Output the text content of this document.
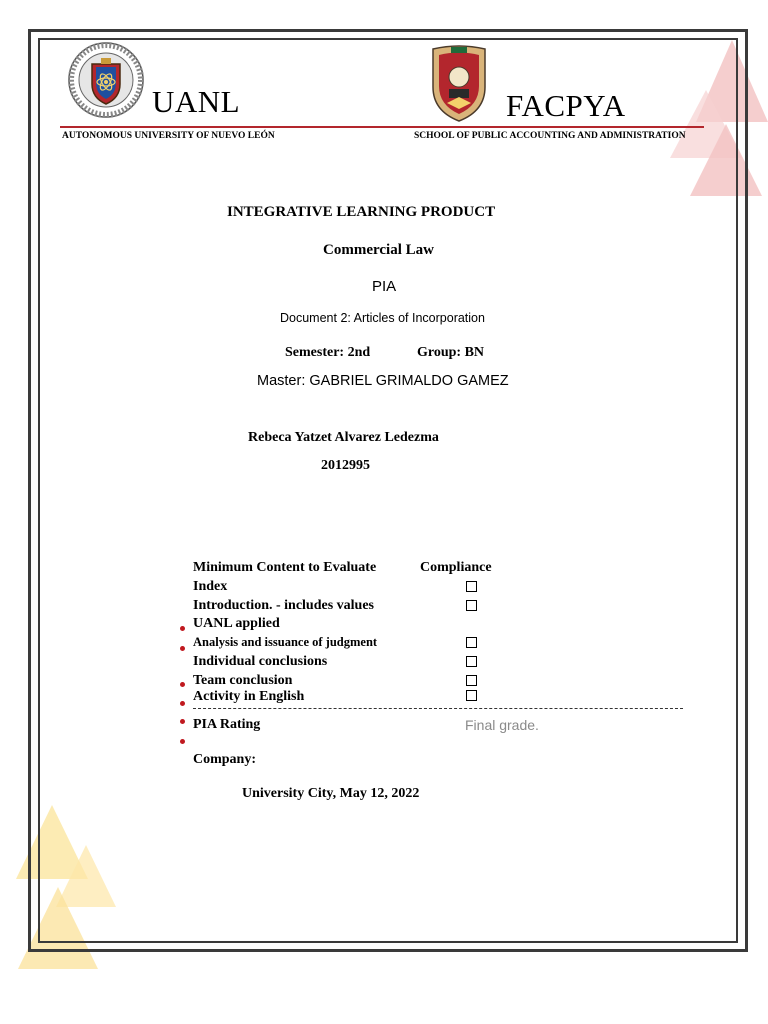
UANL
AUTONOMOUS UNIVERSITY OF NUEVO LEÓN
FACPYA
SCHOOL OF PUBLIC ACCOUNTING AND ADMINISTRATION
INTEGRATIVE LEARNING PRODUCT
Commercial Law
PIA
Document 2: Articles of Incorporation
Semester: 2nd	Group: BN
Master: GABRIEL GRIMALDO GAMEZ
Rebeca Yatzet Alvarez Ledezma
2012995
Minimum Content to Evaluate	Compliance
Index
Introduction. - includes values
UANL applied
Analysis and issuance of judgment
Individual conclusions
Team conclusion
Activity in English
PIA Rating	Final grade.
Company:
University City, May 12, 2022
